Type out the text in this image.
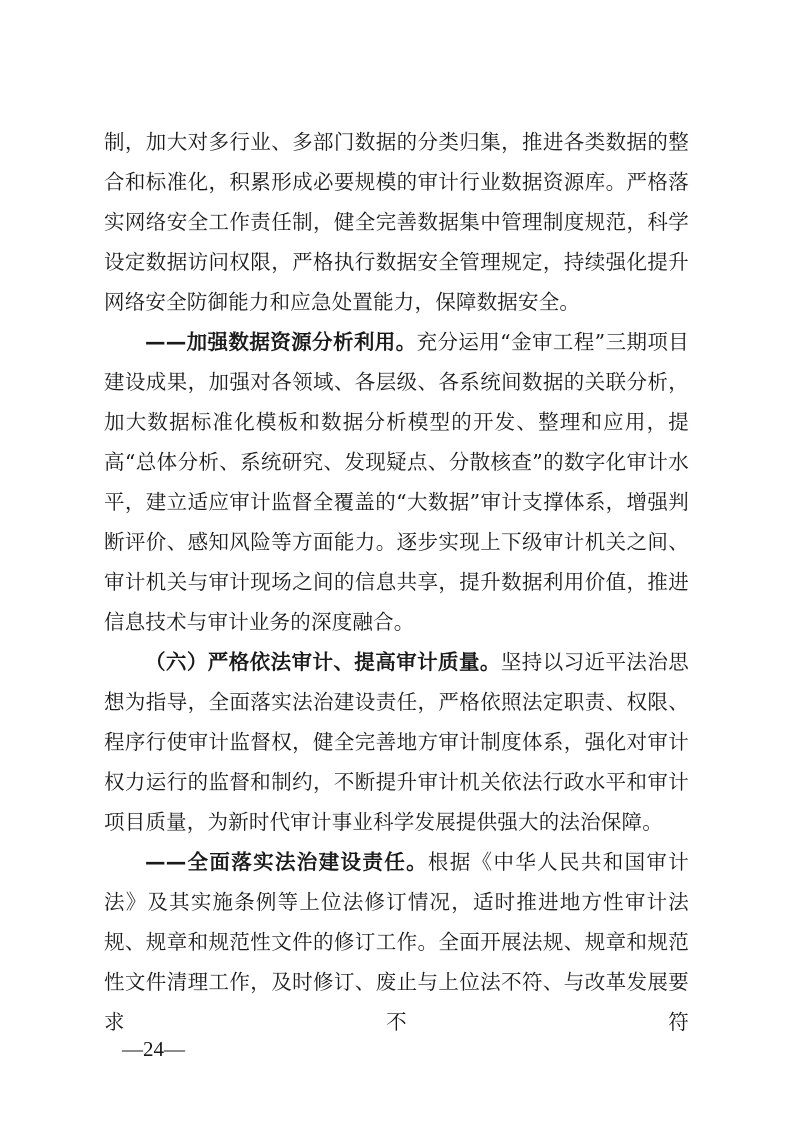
制，加大对多行业、多部门数据的分类归集，推进各类数据的整合和标准化，积累形成必要规模的审计行业数据资源库。严格落实网络安全工作责任制，健全完善数据集中管理制度规范，科学设定数据访问权限，严格执行数据安全管理规定，持续强化提升网络安全防御能力和应急处置能力，保障数据安全。

——加强数据资源分析利用。充分运用“金审工程”三期项目建设成果，加强对各领域、各层级、各系统间数据的关联分析，加大数据标准化模板和数据分析模型的开发、整理和应用，提高“总体分析、系统研究、发现疑点、分散核查”的数字化审计水平，建立适应审计监督全覆盖的“大数据”审计支撑体系，增强判断评价、感知风险等方面能力。逐步实现上下级审计机关之间、审计机关与审计现场之间的信息共享，提升数据利用价值，推进信息技术与审计业务的深度融合。

（六）严格依法审计、提高审计质量。坚持以习近平法治思想为指导，全面落实法治建设责任，严格依照法定职责、权限、程序行使审计监督权，健全完善地方审计制度体系，强化对审计权力运行的监督和制约，不断提升审计机关依法行政水平和审计项目质量，为新时代审计事业科学发展提供强大的法治保障。

——全面落实法治建设责任。根据《中华人民共和国审计法》及其实施条例等上位法修订情况，适时推进地方性审计法规、规章和规范性文件的修订工作。全面开展法规、规章和规范性文件清理工作，及时修订、废止与上位法不符、与改革发展要求不符

—24—
